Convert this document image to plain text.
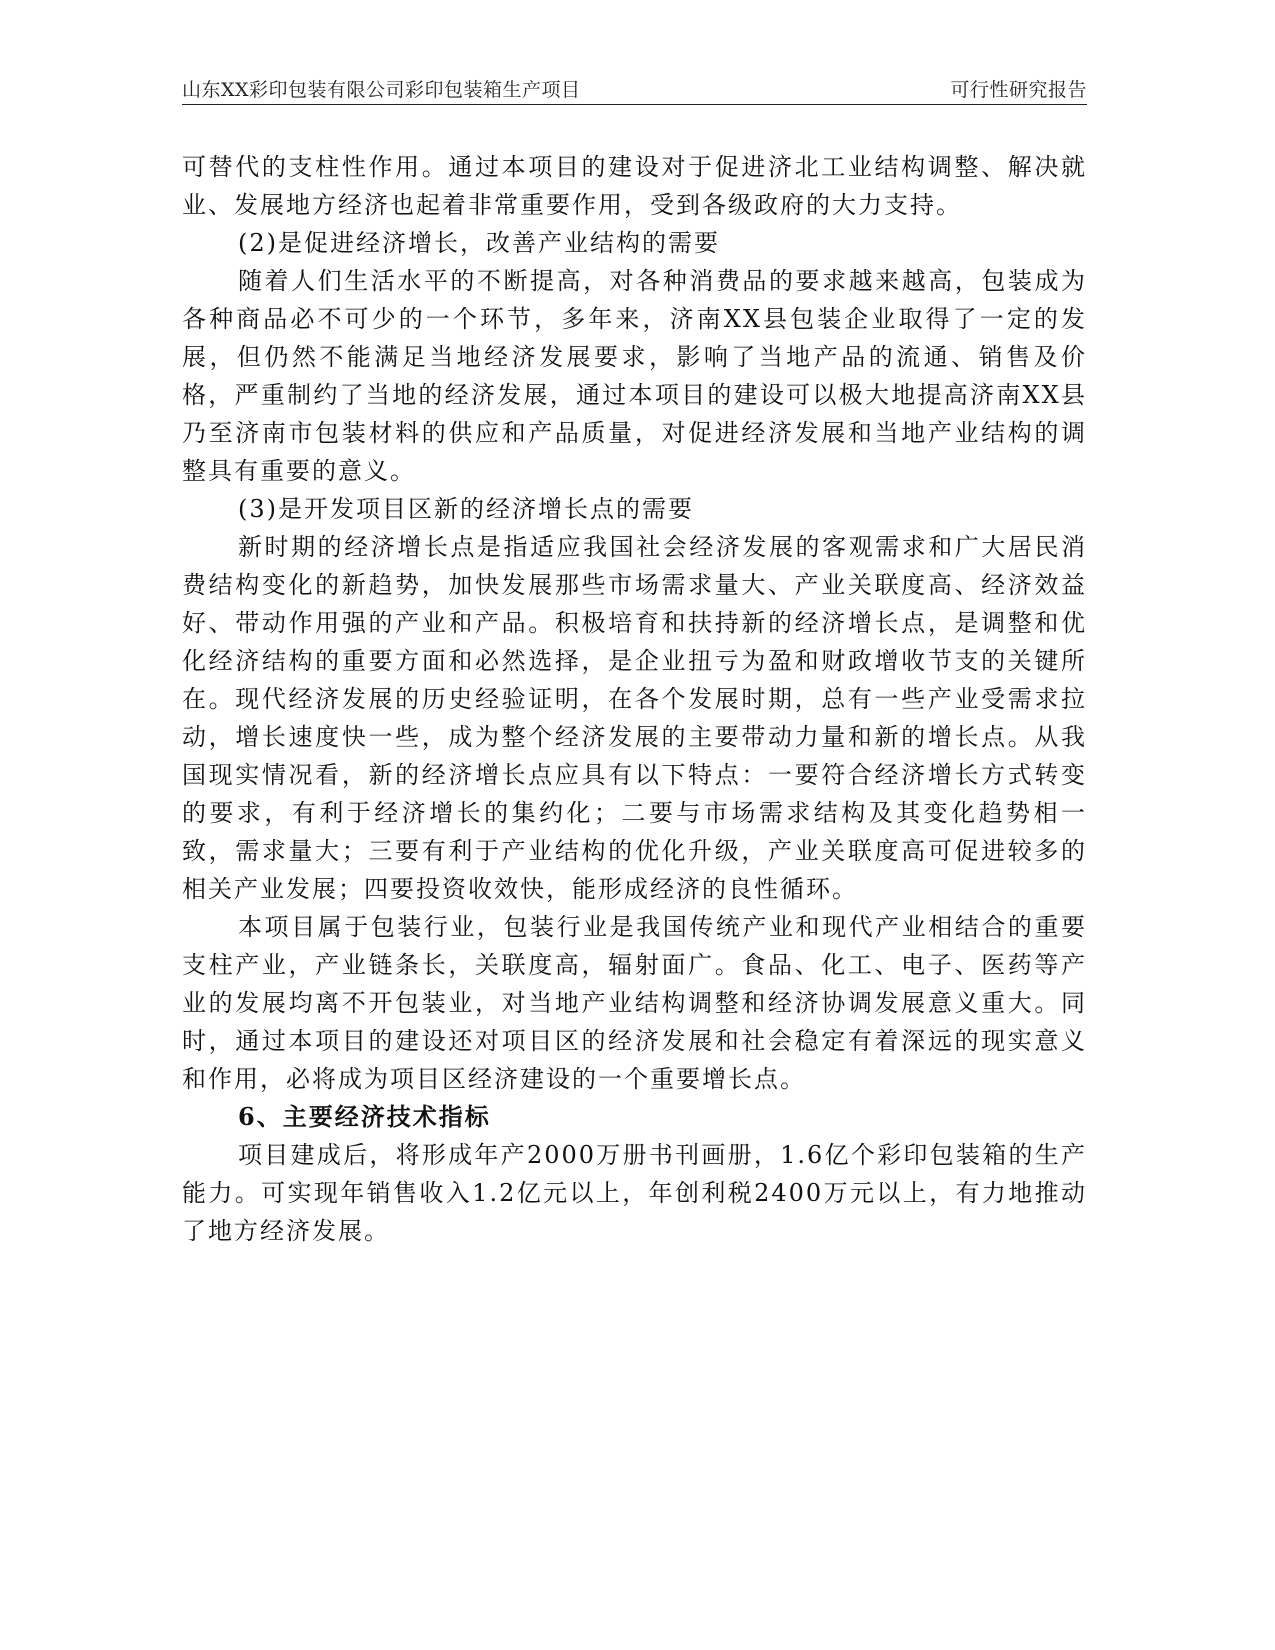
山东XX彩印包装有限公司彩印包装箱生产项目	可行性研究报告

可替代的支柱性作用。通过本项目的建设对于促进济北工业结构调整、解决就业、发展地方经济也起着非常重要作用，受到各级政府的大力支持。

(2)是促进经济增长，改善产业结构的需要

随着人们生活水平的不断提高，对各种消费品的要求越来越高，包装成为各种商品必不可少的一个环节，多年来，济南XX县包装企业取得了一定的发展，但仍然不能满足当地经济发展要求，影响了当地产品的流通、销售及价格，严重制约了当地的经济发展，通过本项目的建设可以极大地提高济南XX县乃至济南市包装材料的供应和产品质量，对促进经济发展和当地产业结构的调整具有重要的意义。

(3)是开发项目区新的经济增长点的需要

新时期的经济增长点是指适应我国社会经济发展的客观需求和广大居民消费结构变化的新趋势，加快发展那些市场需求量大、产业关联度高、经济效益好、带动作用强的产业和产品。积极培育和扶持新的经济增长点，是调整和优化经济结构的重要方面和必然选择，是企业扭亏为盈和财政增收节支的关键所在。现代经济发展的历史经验证明，在各个发展时期，总有一些产业受需求拉动，增长速度快一些，成为整个经济发展的主要带动力量和新的增长点。从我国现实情况看，新的经济增长点应具有以下特点：一要符合经济增长方式转变的要求，有利于经济增长的集约化；二要与市场需求结构及其变化趋势相一致，需求量大；三要有利于产业结构的优化升级，产业关联度高可促进较多的相关产业发展；四要投资收效快，能形成经济的良性循环。

本项目属于包装行业，包装行业是我国传统产业和现代产业相结合的重要支柱产业，产业链条长，关联度高，辐射面广。食品、化工、电子、医药等产业的发展均离不开包装业，对当地产业结构调整和经济协调发展意义重大。同时，通过本项目的建设还对项目区的经济发展和社会稳定有着深远的现实意义和作用，必将成为项目区经济建设的一个重要增长点。

6、主要经济技术指标

项目建成后，将形成年产2000万册书刊画册，1.6亿个彩印包装箱的生产能力。可实现年销售收入1.2亿元以上，年创利税2400万元以上，有力地推动了地方经济发展。
